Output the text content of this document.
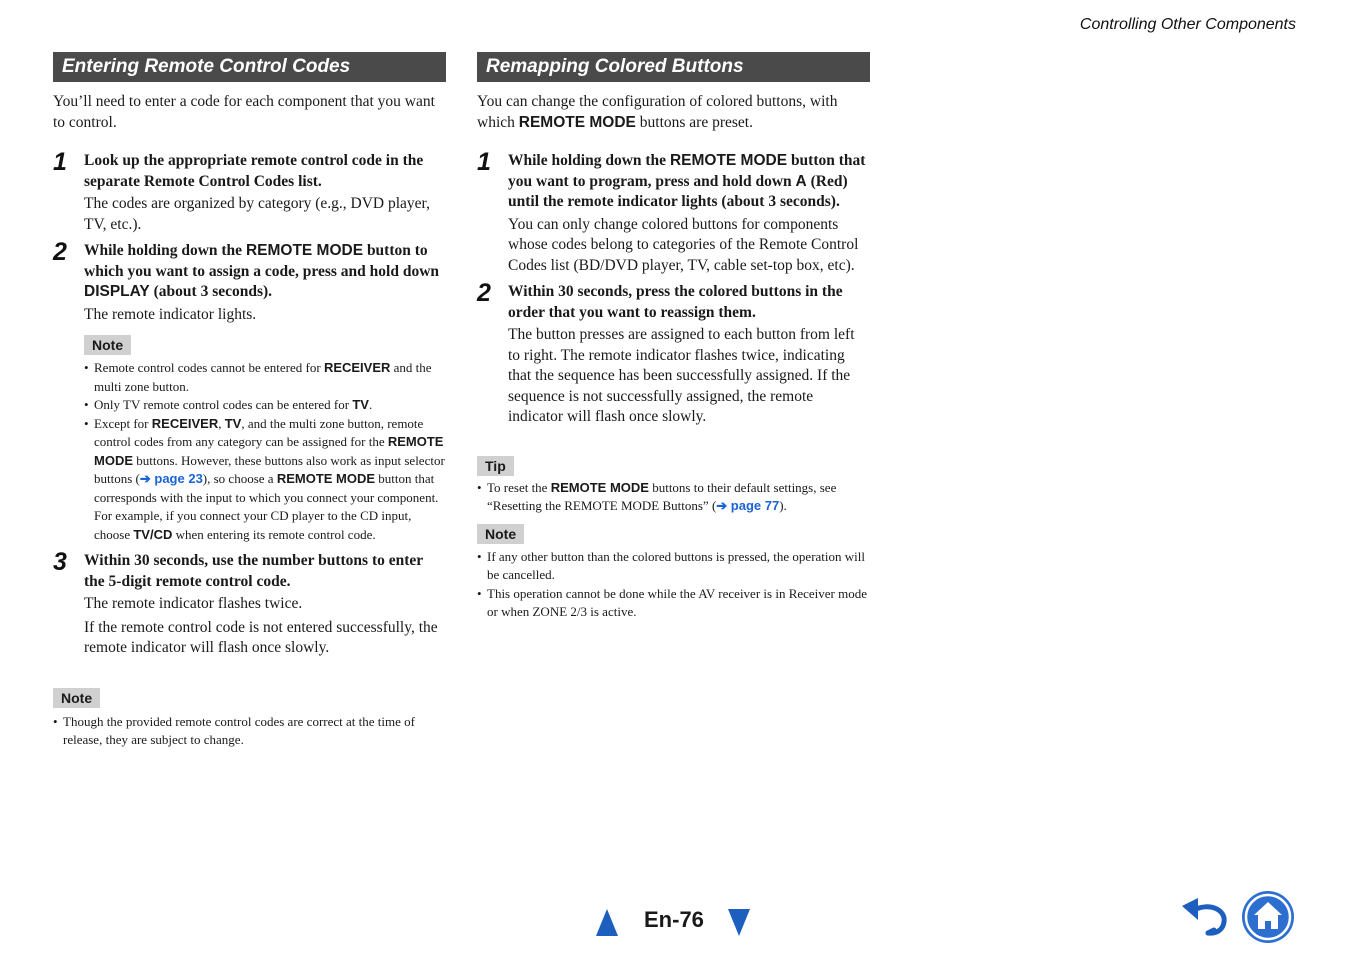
Controlling Other Components
Entering Remote Control Codes

You’ll need to enter a code for each component that you want to control.

1 Look up the appropriate remote control code in the separate Remote Control Codes list.
The codes are organized by category (e.g., DVD player, TV, etc.).
2 While holding down the REMOTE MODE button to which you want to assign a code, press and hold down DISPLAY (about 3 seconds).
The remote indicator lights.
Note
• Remote control codes cannot be entered for RECEIVER and the multi zone button.
• Only TV remote control codes can be entered for TV.
• Except for RECEIVER, TV, and the multi zone button, remote control codes from any category can be assigned for the REMOTE MODE buttons. However, these buttons also work as input selector buttons (➔ page 23), so choose a REMOTE MODE button that corresponds with the input to which you connect your component. For example, if you connect your CD player to the CD input, choose TV/CD when entering its remote control code.
3 Within 30 seconds, use the number buttons to enter the 5-digit remote control code.
The remote indicator flashes twice.
If the remote control code is not entered successfully, the remote indicator will flash once slowly.
Note
• Though the provided remote control codes are correct at the time of release, they are subject to change.
Remapping Colored Buttons

You can change the configuration of colored buttons, with which REMOTE MODE buttons are preset.

1 While holding down the REMOTE MODE button that you want to program, press and hold down A (Red) until the remote indicator lights (about 3 seconds).
You can only change colored buttons for components whose codes belong to categories of the Remote Control Codes list (BD/DVD player, TV, cable set-top box, etc).
2 Within 30 seconds, press the colored buttons in the order that you want to reassign them.
The button presses are assigned to each button from left to right. The remote indicator flashes twice, indicating that the sequence has been successfully assigned. If the sequence is not successfully assigned, the remote indicator will flash once slowly.
Tip
• To reset the REMOTE MODE buttons to their default settings, see “Resetting the REMOTE MODE Buttons” (➔ page 77).
Note
• If any other button than the colored buttons is pressed, the operation will be cancelled.
• This operation cannot be done while the AV receiver is in Receiver mode or when ZONE 2/3 is active.
En-76
